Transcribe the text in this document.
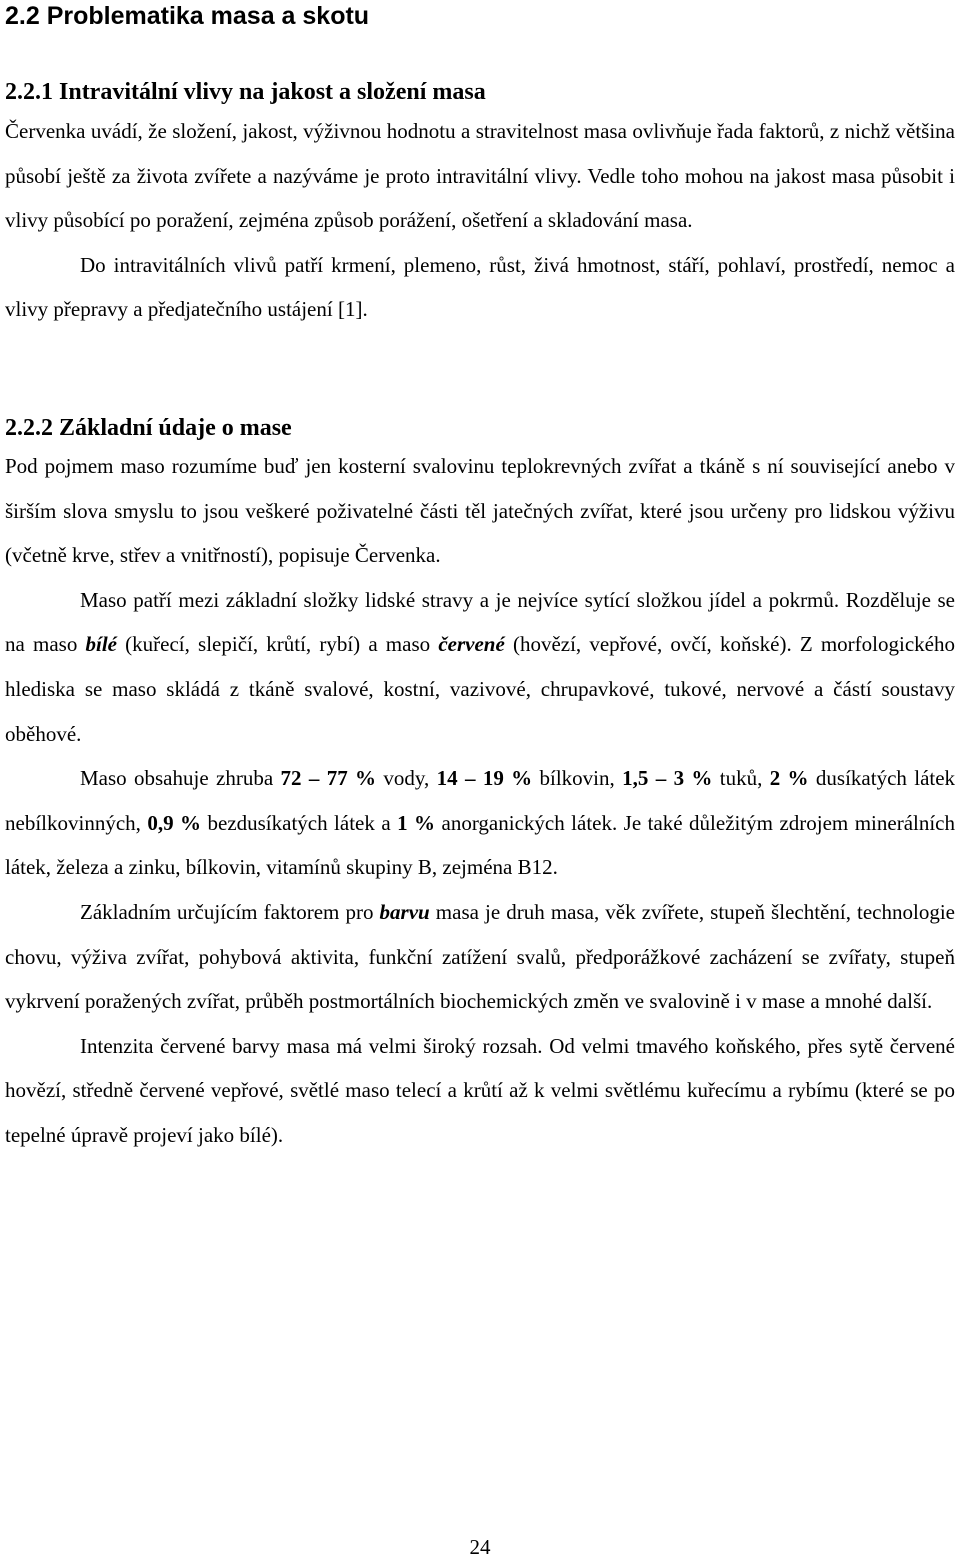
2.2 Problematika masa a skotu
2.2.1 Intravitální vlivy na jakost a složení masa

Červenka uvádí, že složení, jakost, výživnou hodnotu a stravitelnost masa ovlivňuje řada faktorů, z nichž většina působí ještě za života zvířete a nazýváme je proto intravitální vlivy. Vedle toho mohou na jakost masa působit i vlivy působící po poražení, zejména způsob porážení, ošetření a skladování masa.

Do intravitálních vlivů patří krmení, plemeno, růst, živá hmotnost, stáří, pohlaví, prostředí, nemoc a vlivy přepravy a předjatečního ustájení [1].

2.2.2 Základní údaje o mase

Pod pojmem maso rozumíme buď jen kosterní svalovinu teplokrevných zvířat a tkáně s ní související anebo v širším slova smyslu to jsou veškeré poživatelné části těl jatečných zvířat, které jsou určeny pro lidskou výživu (včetně krve, střev a vnitřností), popisuje Červenka.

Maso patří mezi základní složky lidské stravy a je nejvíce sytící složkou jídel a pokrmů. Rozděluje se na maso bílé (kuřecí, slepičí, krůtí, rybí) a maso červené (hovězí, vepřové, ovčí, koňské). Z morfologického hlediska se maso skládá z tkáně svalové, kostní, vazivové, chrupavkové, tukové, nervové a částí soustavy oběhové.

Maso obsahuje zhruba 72 – 77 % vody, 14 – 19 % bílkovin, 1,5 – 3 % tuků, 2 % dusíkatých látek nebílkovinných, 0,9 % bezdusíkatých látek a 1 % anorganických látek. Je také důležitým zdrojem minerálních látek, železa a zinku, bílkovin, vitamínů skupiny B, zejména B12.

Základním určujícím faktorem pro barvu masa je druh masa, věk zvířete, stupeň šlechtění, technologie chovu, výživa zvířat, pohybová aktivita, funkční zatížení svalů, předporážkové zacházení se zvířaty, stupeň vykrvení poražených zvířat, průběh postmortálních biochemických změn ve svalovině i v mase a mnohé další.

Intenzita červené barvy masa má velmi široký rozsah. Od velmi tmavého koňského, přes sytě červené hovězí, středně červené vepřové, světlé maso telecí a krůtí až k velmi světlému kuřecímu a rybímu (které se po tepelné úpravě projeví jako bílé).

24
